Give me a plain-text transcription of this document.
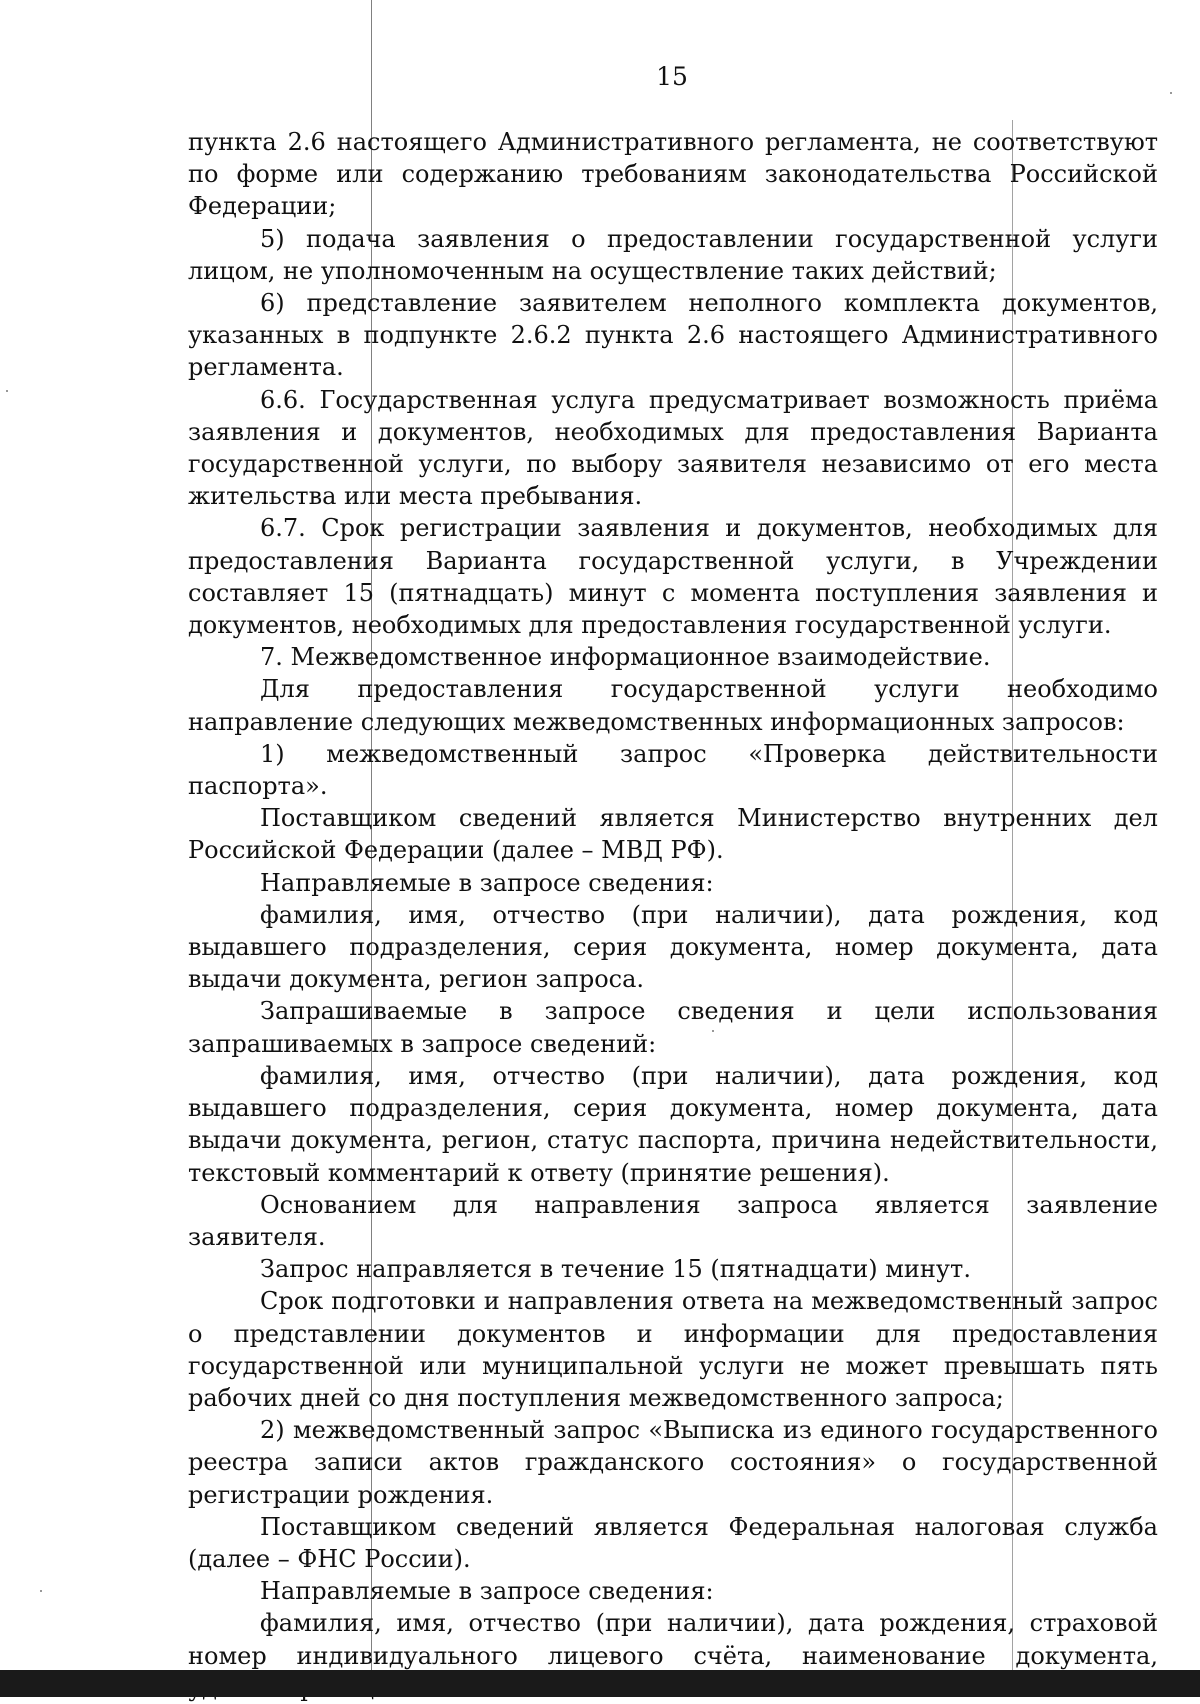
15

пункта 2.6 настоящего Административного регламента, не соответствуют по форме или содержанию требованиям законодательства Российской Федерации;

5) подача заявления о предоставлении государственной услуги лицом, не уполномоченным на осуществление таких действий;

6) представление заявителем неполного комплекта документов, указанных в подпункте 2.6.2 пункта 2.6 настоящего Административного регламента.

6.6. Государственная услуга предусматривает возможность приёма заявления и документов, необходимых для предоставления Варианта государственной услуги, по выбору заявителя независимо от его места жительства или места пребывания.

6.7. Срок регистрации заявления и документов, необходимых для предоставления Варианта государственной услуги, в Учреждении составляет 15 (пятнадцать) минут с момента поступления заявления и документов, необходимых для предоставления государственной услуги.

7. Межведомственное информационное взаимодействие.

Для предоставления государственной услуги необходимо направление следующих межведомственных информационных запросов:

1) межведомственный запрос «Проверка действительности паспорта».

Поставщиком сведений является Министерство внутренних дел Российской Федерации (далее – МВД РФ).

Направляемые в запросе сведения:

фамилия, имя, отчество (при наличии), дата рождения, код выдавшего подразделения, серия документа, номер документа, дата выдачи документа, регион запроса.

Запрашиваемые в запросе сведения и цели использования запрашиваемых в запросе сведений:

фамилия, имя, отчество (при наличии), дата рождения, код выдавшего подразделения, серия документа, номер документа, дата выдачи документа, регион, статус паспорта, причина недействительности, текстовый комментарий к ответу (принятие решения).

Основанием для направления запроса является заявление заявителя.

Запрос направляется в течение 15 (пятнадцати) минут.

Срок подготовки и направления ответа на межведомственный запрос о представлении документов и информации для предоставления государственной или муниципальной услуги не может превышать пять рабочих дней со дня поступления межведомственного запроса;

2) межведомственный запрос «Выписка из единого государственного реестра записи актов гражданского состояния» о государственной регистрации рождения.

Поставщиком сведений является Федеральная налоговая служба (далее – ФНС России).

Направляемые в запросе сведения:

фамилия, имя, отчество (при наличии), дата рождения, страховой номер индивидуального лицевого счёта, наименование документа,
